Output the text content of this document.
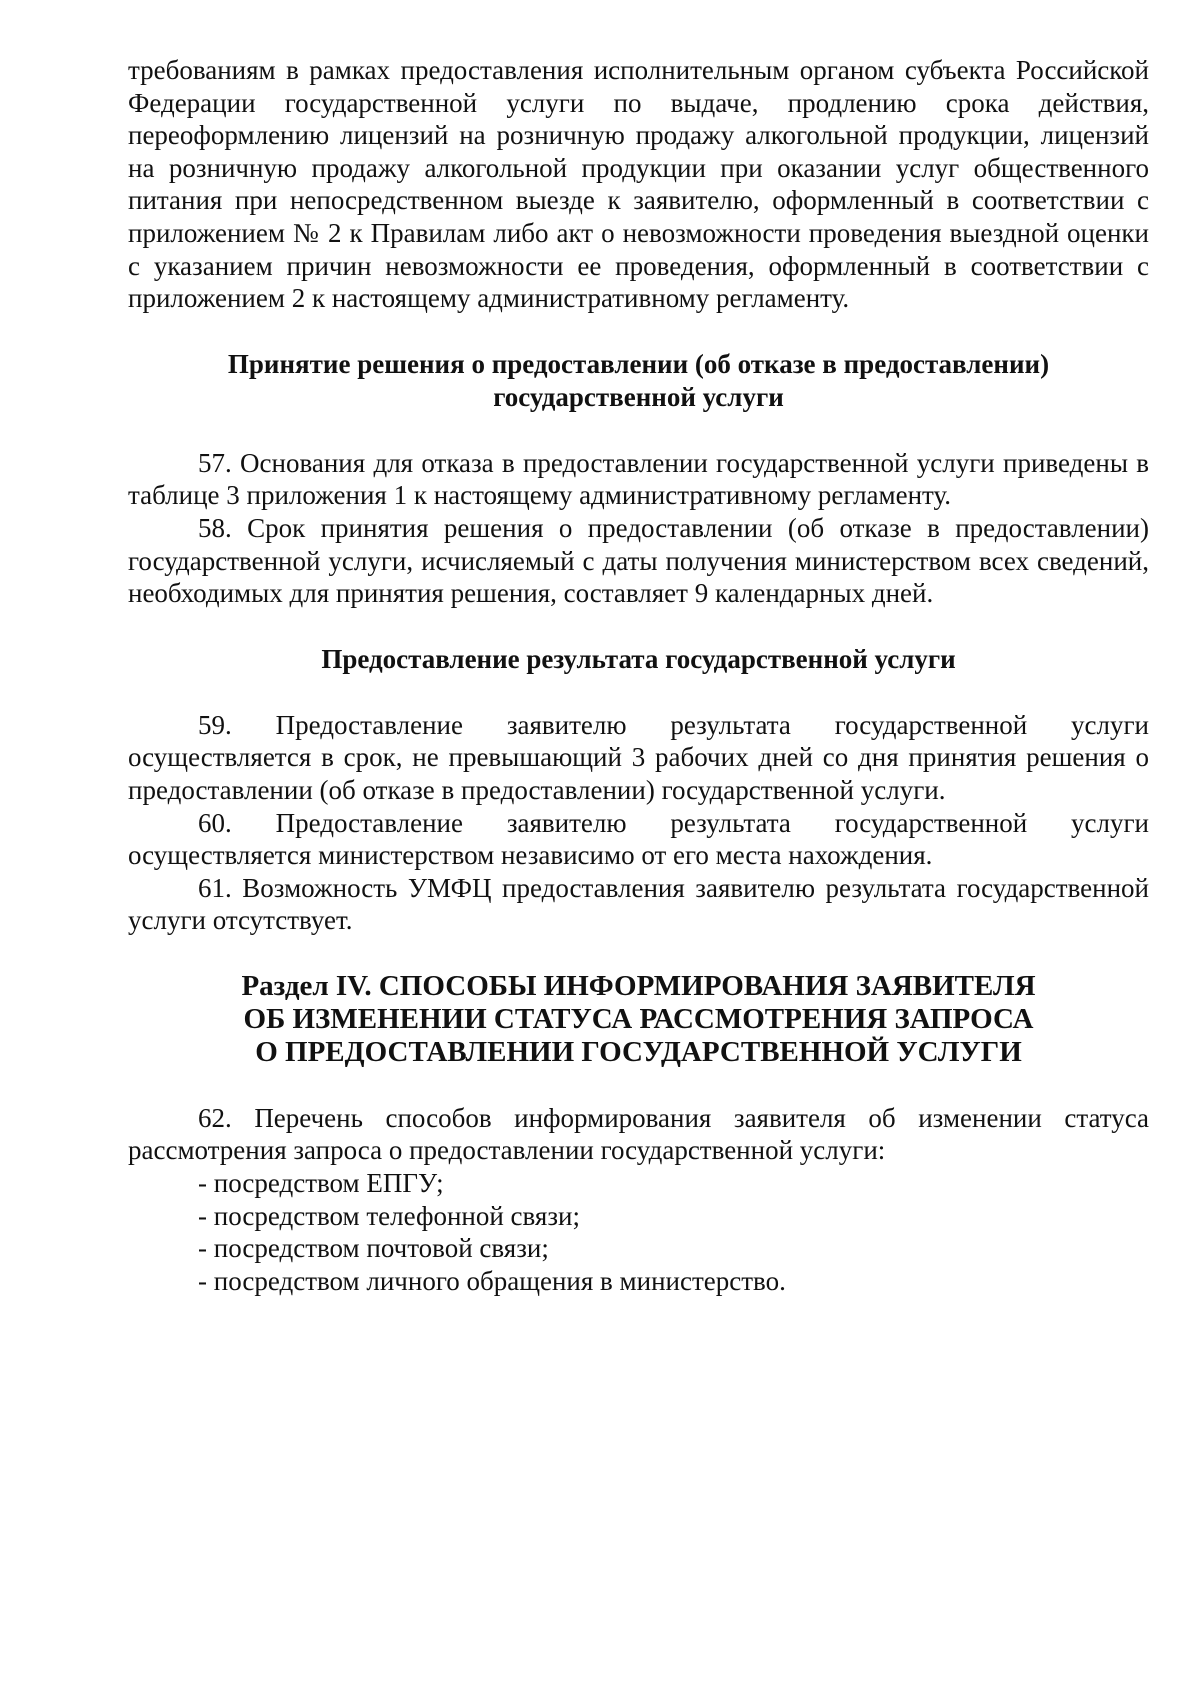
требованиям в рамках предоставления исполнительным органом субъекта Российской Федерации государственной услуги по выдаче, продлению срока действия, переоформлению лицензий на розничную продажу алкогольной продукции, лицензий на розничную продажу алкогольной продукции при оказании услуг общественного питания при непосредственном выезде к заявителю, оформленный в соответствии с приложением № 2 к Правилам либо акт о невозможности проведения выездной оценки с указанием причин невозможности ее проведения, оформленный в соответствии с приложением 2 к настоящему административному регламенту.

Принятие решения о предоставлении (об отказе в предоставлении)
государственной услуги

57. Основания для отказа в предоставлении государственной услуги приведены в таблице 3 приложения 1 к настоящему административному регламенту.

58. Срок принятия решения о предоставлении (об отказе в предоставлении) государственной услуги, исчисляемый с даты получения министерством всех сведений, необходимых для принятия решения, составляет 9 календарных дней.

Предоставление результата государственной услуги

59. Предоставление заявителю результата государственной услуги осуществляется в срок, не превышающий 3 рабочих дней со дня принятия решения о предоставлении (об отказе в предоставлении) государственной услуги.

60. Предоставление заявителю результата государственной услуги осуществляется министерством независимо от его места нахождения.

61. Возможность УМФЦ предоставления заявителю результата государственной услуги отсутствует.

Раздел IV. СПОСОБЫ ИНФОРМИРОВАНИЯ ЗАЯВИТЕЛЯ
ОБ ИЗМЕНЕНИИ СТАТУСА РАССМОТРЕНИЯ ЗАПРОСА
О ПРЕДОСТАВЛЕНИИ ГОСУДАРСТВЕННОЙ УСЛУГИ

62. Перечень способов информирования заявителя об изменении статуса рассмотрения запроса о предоставлении государственной услуги:

- посредством ЕПГУ;

- посредством телефонной связи;

- посредством почтовой связи;

- посредством личного обращения в министерство.
